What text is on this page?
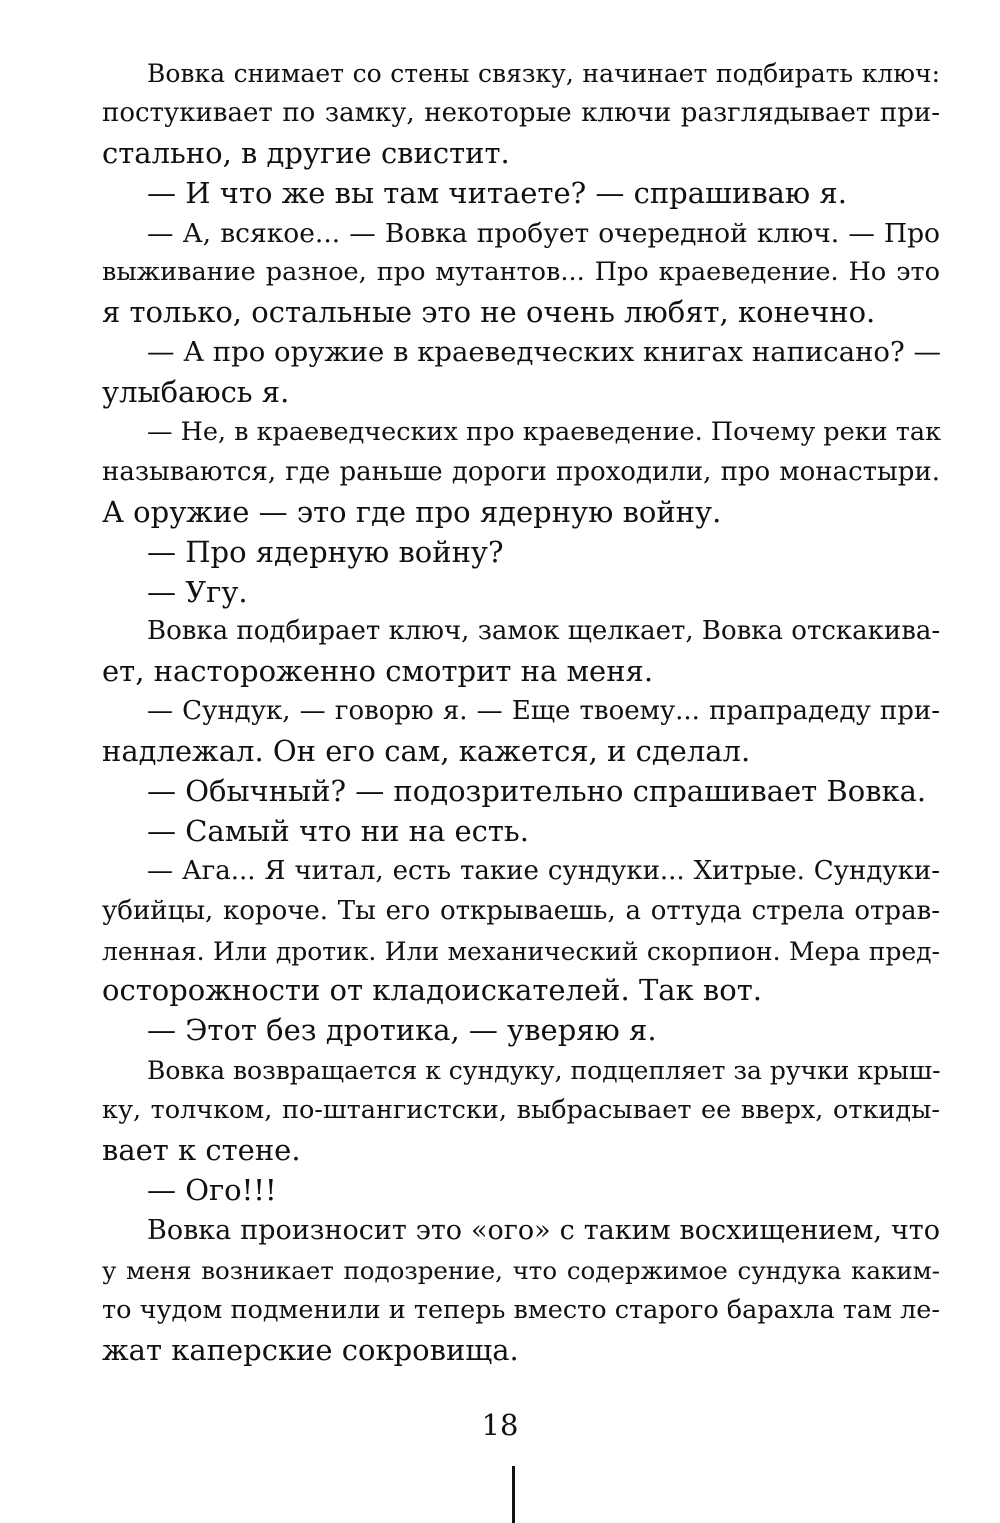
Вовка снимает со стены связку, начинает подбирать ключ:
постукивает по замку, некоторые ключи разглядывает при-
стально, в другие свистит.
— И что же вы там читаете? — спрашиваю я.
— А, всякое... — Вовка пробует очередной ключ. — Про
выживание разное, про мутантов... Про краеведение. Но это
я только, остальные это не очень любят, конечно.
— А про оружие в краеведческих книгах написано? —
улыбаюсь я.
— Не, в краеведческих про краеведение. Почему реки так
называются, где раньше дороги проходили, про монастыри.
А оружие — это где про ядерную войну.
— Про ядерную войну?
— Угу.
Вовка подбирает ключ, замок щелкает, Вовка отскакива-
ет, настороженно смотрит на меня.
— Сундук, — говорю я. — Еще твоему... прапрадеду при-
надлежал. Он его сам, кажется, и сделал.
— Обычный? — подозрительно спрашивает Вовка.
— Самый что ни на есть.
— Ага... Я читал, есть такие сундуки... Хитрые. Сундуки-
убийцы, короче. Ты его открываешь, а оттуда стрела отрав-
ленная. Или дротик. Или механический скорпион. Мера пред-
осторожности от кладоискателей. Так вот.
— Этот без дротика, — уверяю я.
Вовка возвращается к сундуку, подцепляет за ручки крыш-
ку, толчком, по-штангистски, выбрасывает ее вверх, откиды-
вает к стене.
— Ого!!!
Вовка произносит это «ого» с таким восхищением, что
у меня возникает подозрение, что содержимое сундука каким-
то чудом подменили и теперь вместо старого барахла там ле-
жат каперские сокровища.
18
